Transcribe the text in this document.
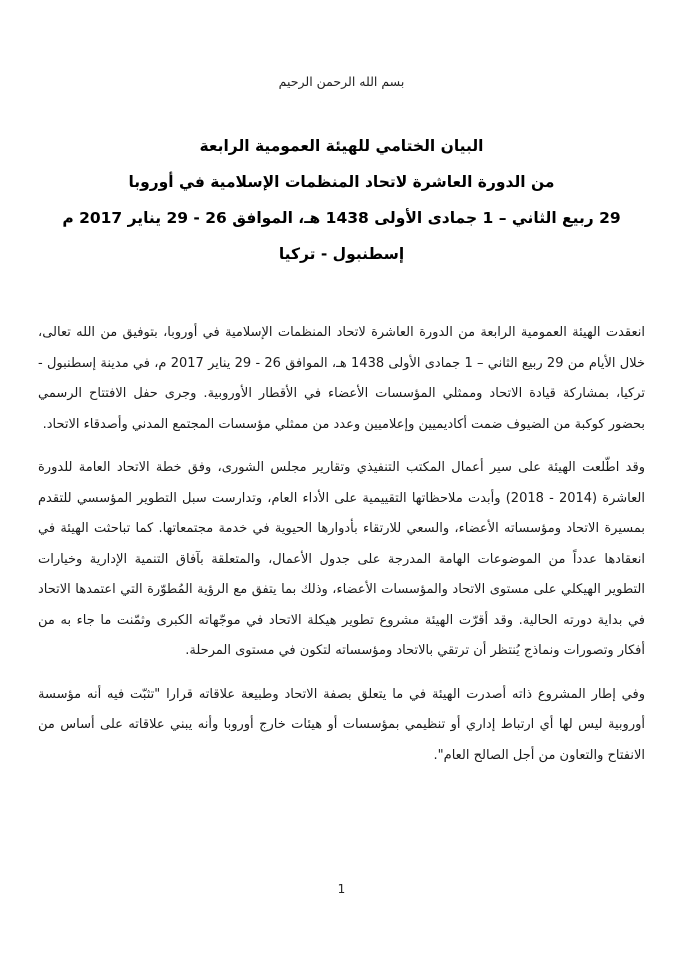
بسم الله الرحمن الرحيم
البيان الختامي للهيئة العمومية الرابعة
من الدورة العاشرة لاتحاد المنظمات الإسلامية في أوروبا
29 ربيع الثاني – 1 جمادى الأولى 1438 هـ، الموافق 26 - 29 يناير 2017 م
إسطنبول - تركيا

انعقدت الهيئة العمومية الرابعة من الدورة العاشرة لاتحاد المنظمات الإسلامية في أوروبا، بتوفيق من الله تعالى، خلال الأيام من 29 ربيع الثاني – 1 جمادى الأولى 1438 هـ، الموافق 26 - 29 يناير 2017 م، في مدينة إسطنبول - تركيا، بمشاركة قيادة الاتحاد وممثلي المؤسسات الأعضاء في الأقطار الأوروبية. وجرى حفل الافتتاح الرسمي بحضور كوكبة من الضيوف ضمت أكاديميين وإعلاميين وعدد من ممثلي مؤسسات المجتمع المدني وأصدقاء الاتحاد.

وقد اطّلعت الهيئة على سير أعمال المكتب التنفيذي وتقارير مجلس الشورى، وفق خطة الاتحاد العامة للدورة العاشرة (2014 - 2018) وأبدت ملاحظاتها التقييمية على الأداء العام، وتدارست سبل التطوير المؤسسي للتقدم بمسيرة الاتحاد ومؤسساته الأعضاء، والسعي للارتقاء بأدوارها الحيوية في خدمة مجتمعاتها. كما تباحثت الهيئة في انعقادها عدداً من الموضوعات الهامة المدرجة على جدول الأعمال، والمتعلقة بآفاق التنمية الإدارية وخيارات التطوير الهيكلي على مستوى الاتحاد والمؤسسات الأعضاء، وذلك بما يتفق مع الرؤية المُطوّرة التي اعتمدها الاتحاد في بداية دورته الحالية. وقد أقرّت الهيئة مشروع تطوير هيكلة الاتحاد في موجّهاته الكبرى وثمّنت ما جاء به من أفكار وتصورات ونماذج يُنتظر أن ترتقي بالاتحاد ومؤسساته لتكون في مستوى المرحلة.

وفي إطار المشروع ذاته أصدرت الهيئة في ما يتعلق بصفة الاتحاد وطبيعة علاقاته قرارا "تثبّت فيه أنه مؤسسة أوروبية ليس لها أي ارتباط إداري أو تنظيمي بمؤسسات أو هيئات خارج أوروبا وأنه يبني علاقاته على أساس من الانفتاح والتعاون من أجل الصالح العام".

1
